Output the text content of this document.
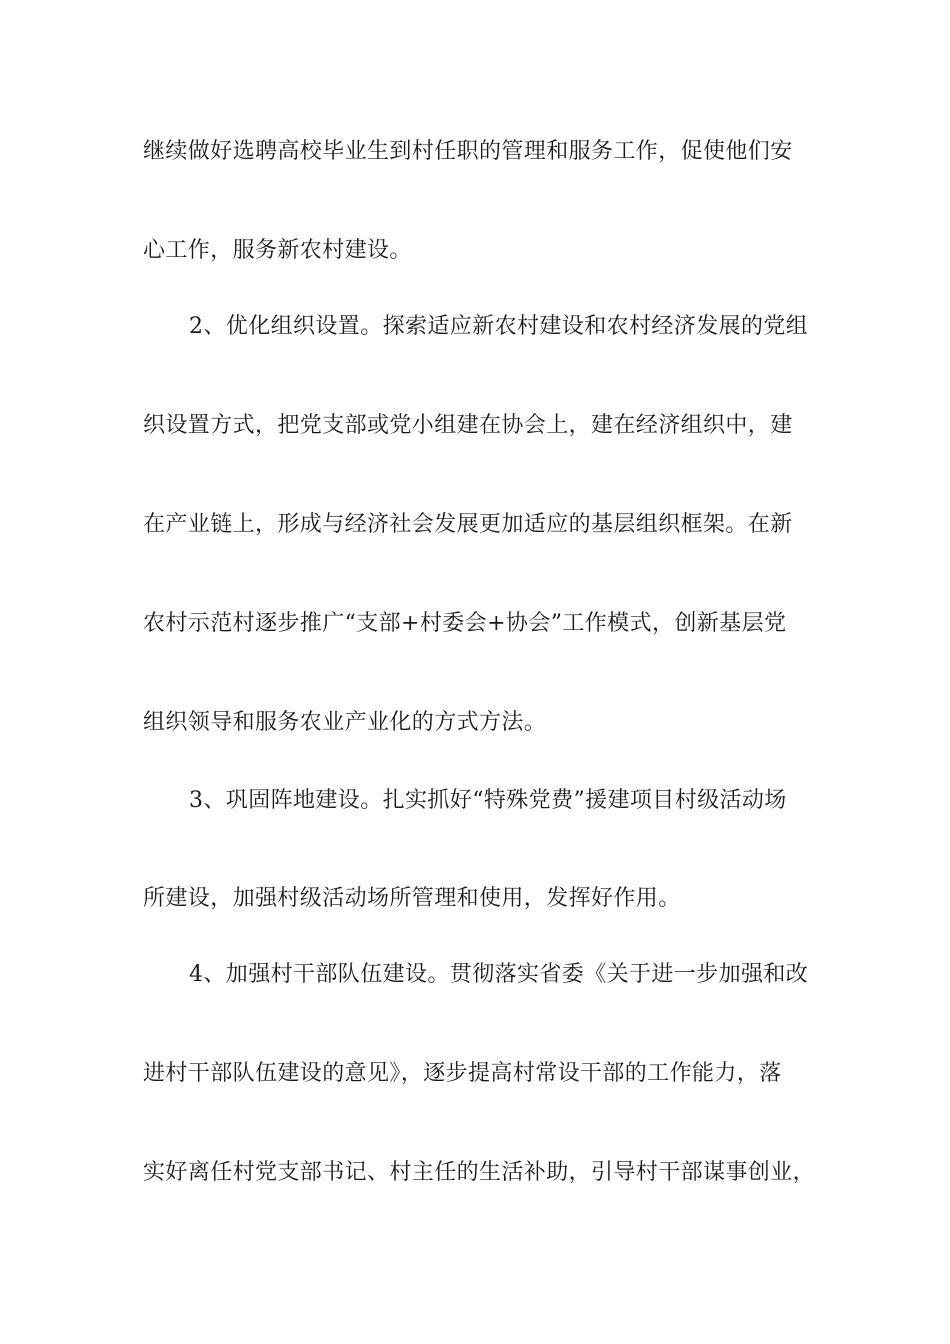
继续做好选聘高校毕业生到村任职的管理和服务工作，促使他们安
心工作，服务新农村建设。
2、优化组织设置。探索适应新农村建设和农村经济发展的党组
织设置方式，把党支部或党小组建在协会上，建在经济组织中，建
在产业链上，形成与经济社会发展更加适应的基层组织框架。在新
农村示范村逐步推广“支部+村委会+协会”工作模式，创新基层党
组织领导和服务农业产业化的方式方法。
3、巩固阵地建设。扎实抓好“特殊党费”援建项目村级活动场
所建设，加强村级活动场所管理和使用，发挥好作用。
4、加强村干部队伍建设。贯彻落实省委《关于进一步加强和改
进村干部队伍建设的意见》，逐步提高村常设干部的工作能力，落
实好离任村党支部书记、村主任的生活补助，引导村干部谋事创业，
